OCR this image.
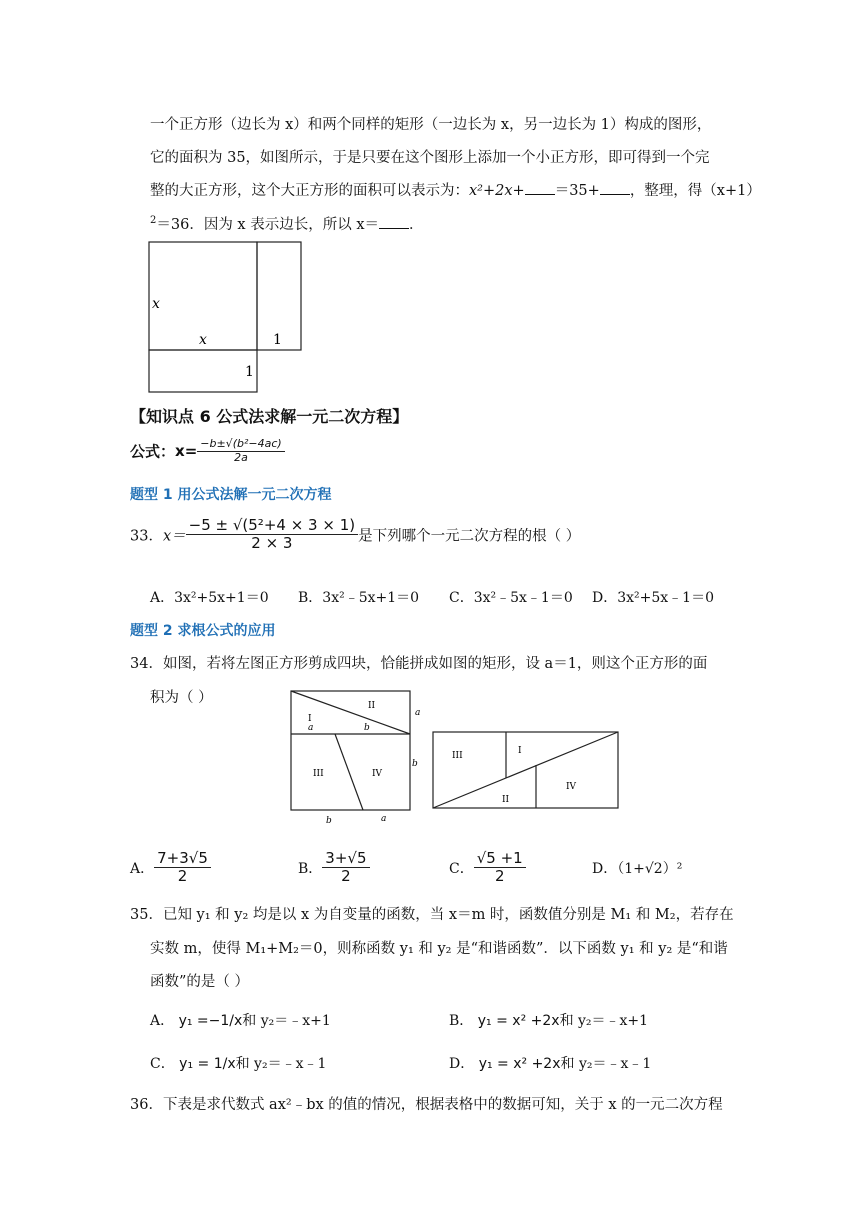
一个正方形（边长为 x）和两个同样的矩形（一边长为 x，另一边长为 1）构成的图形，
它的面积为 35，如图所示，于是只要在这个图形上添加一个小正方形，即可得到一个完
整的大正方形，这个大正方形的面积可以表示为：x²+2x+ ＝35+ ，整理，得（x+1）
$^2$＝36．因为 x 表示边长，所以 x＝ ．
x
x	1
1
【知识点 6 公式法求解一元二次方程】
公式：$x= \frac{\text{−b±√(b²−4ac)}}{2a}$
题型 1 用公式法解一元二次方程
33．$x= \frac{\text{−5 ± √(5²+4 × 3 × 1)}}{2 \times 3}$ 是下列哪个一元二次方程的根（ ）
A．3x²+5x+1＝0 B．3x²﹣5x+1＝0 C．3x²﹣5x﹣1＝0 D．3x²+5x﹣1＝0
题型 2 求根公式的应用
34．如图，若将左图正方形剪成四块，恰能拼成如图的矩形，设 a＝1，则这个正方形的面
积为（ ）
I
II
III	IV
a	b
a
b
b	a
III	I
II
IV
A． $\frac{7+3√5}{2}$	B． $\frac{3+√5}{2}$	C． $\frac{√5 +1}{2}$	D．（1+√2）²
35．已知 y₁ 和 y₂ 均是以 x 为自变量的函数，当 x＝m 时，函数值分别是 M₁ 和 M₂，若存在
实数 m，使得 M₁+M₂＝0，则称函数 y₁ 和 y₂ 是“和谐函数”．以下函数 y₁ 和 y₂ 是“和谐
函数”的是（ ）
A． y₁ =−1/x和 y₂＝﹣x+1	B． y₁ = x² +2x和 y₂＝﹣x+1
C． y₁ = 1/x和 y₂＝﹣x﹣1	D． y₁ = x² +2x和 y₂＝﹣x﹣1
36．下表是求代数式 ax²﹣bx 的值的情况，根据表格中的数据可知，关于 x 的一元二次方程
